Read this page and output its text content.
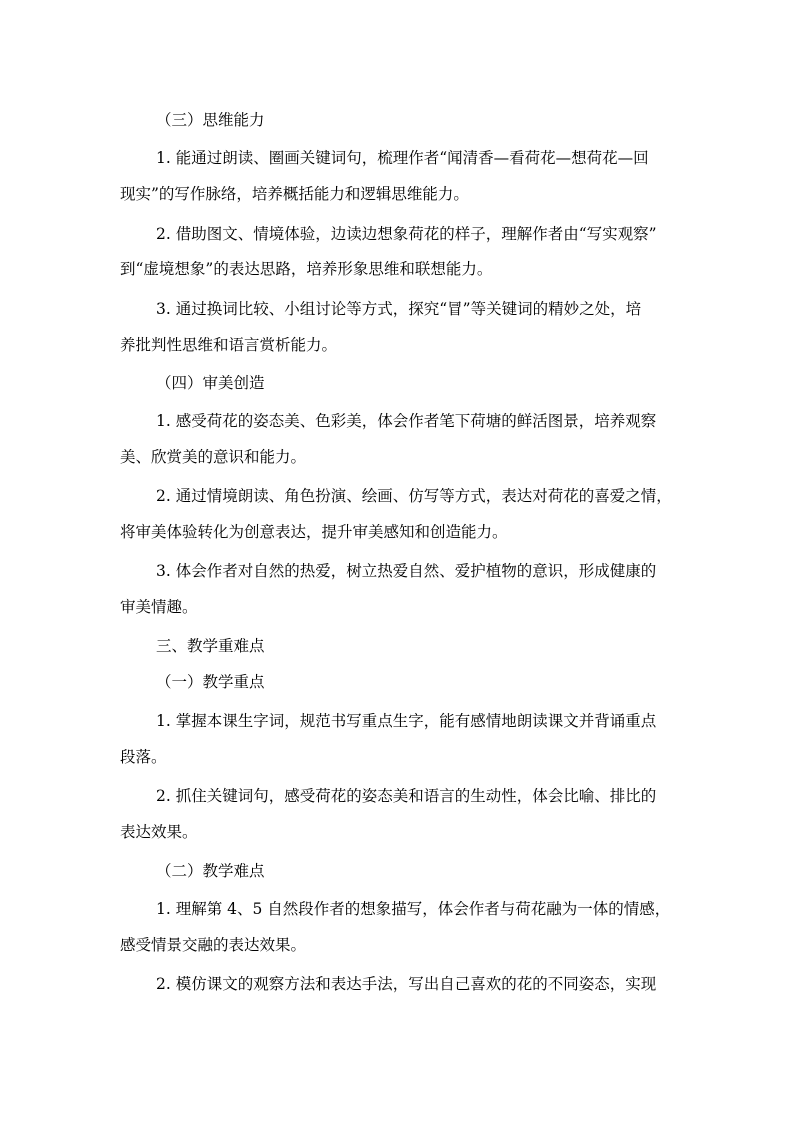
（三）思维能力
1. 能通过朗读、圈画关键词句，梳理作者“闻清香—看荷花—想荷花—回
现实”的写作脉络，培养概括能力和逻辑思维能力。
2. 借助图文、情境体验，边读边想象荷花的样子，理解作者由“写实观察”
到“虚境想象”的表达思路，培养形象思维和联想能力。
3. 通过换词比较、小组讨论等方式，探究“冒”等关键词的精妙之处，培
养批判性思维和语言赏析能力。
（四）审美创造
1. 感受荷花的姿态美、色彩美，体会作者笔下荷塘的鲜活图景，培养观察
美、欣赏美的意识和能力。
2. 通过情境朗读、角色扮演、绘画、仿写等方式，表达对荷花的喜爱之情，
将审美体验转化为创意表达，提升审美感知和创造能力。
3. 体会作者对自然的热爱，树立热爱自然、爱护植物的意识，形成健康的
审美情趣。
三、教学重难点
（一）教学重点
1. 掌握本课生字词，规范书写重点生字，能有感情地朗读课文并背诵重点
段落。
2. 抓住关键词句，感受荷花的姿态美和语言的生动性，体会比喻、排比的
表达效果。
（二）教学难点
1. 理解第 4、5 自然段作者的想象描写，体会作者与荷花融为一体的情感，
感受情景交融的表达效果。
2. 模仿课文的观察方法和表达手法，写出自己喜欢的花的不同姿态，实现
